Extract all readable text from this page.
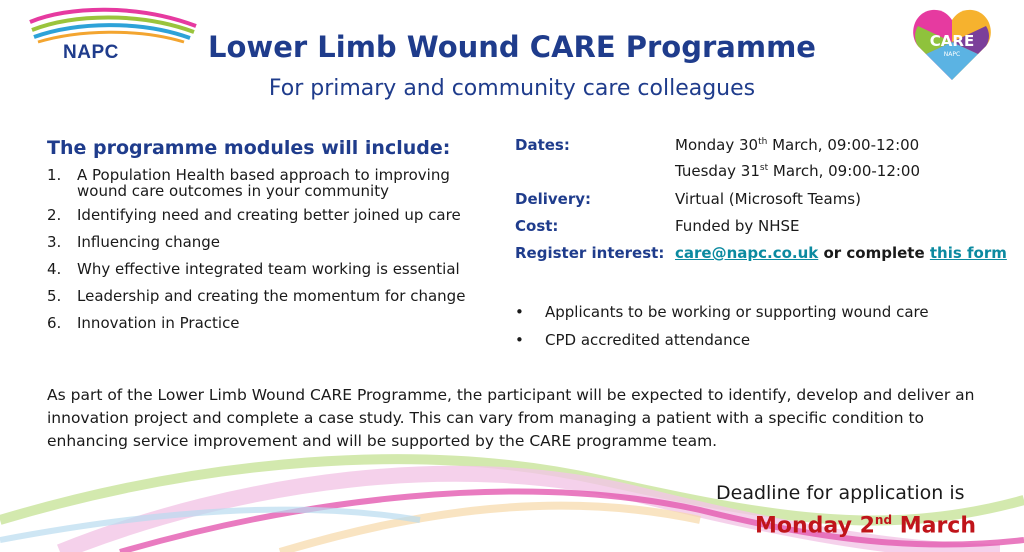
NAPC
CARE
NAPC
Lower Limb Wound CARE Programme
For primary and community care colleagues
The programme modules will include:
1.	A Population Health based approach to improving wound care outcomes in your community
2.	Identifying need and creating better joined up care
3.	Influencing change
4.	Why effective integrated team working is essential
5.	Leadership and creating the momentum for change
6.	Innovation in Practice
Dates:	Monday 30th March, 09:00-12:00
Tuesday 31st March, 09:00-12:00
Delivery:	Virtual (Microsoft Teams)
Cost:	Funded by NHSE
Register interest: care@napc.co.uk or complete this form
•	Applicants to be working or supporting wound care
•	CPD accredited attendance
As part of the Lower Limb Wound CARE Programme, the participant will be expected to identify, develop and deliver an innovation project and complete a case study. This can vary from managing a patient with a specific condition to enhancing service improvement and will be supported by the CARE programme team.
Deadline for application is
Monday 2nd March
